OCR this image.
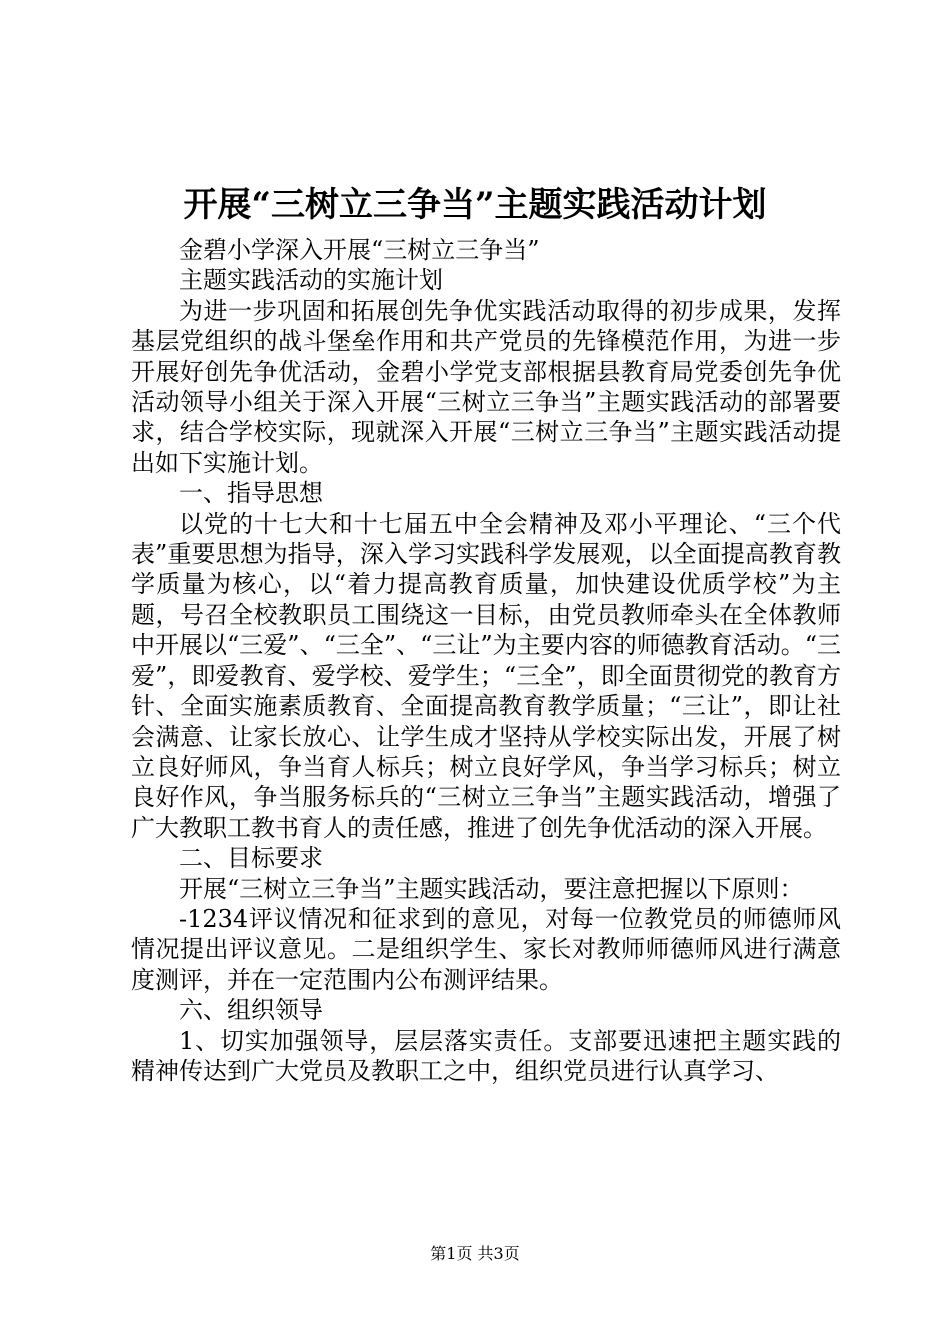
开展“三树立三争当”主题实践活动计划

金碧小学深入开展“三树立三争当”

主题实践活动的实施计划

为进一步巩固和拓展创先争优实践活动取得的初步成果，发挥基层党组织的战斗堡垒作用和共产党员的先锋模范作用，为进一步开展好创先争优活动，金碧小学党支部根据县教育局党委创先争优活动领导小组关于深入开展“三树立三争当”主题实践活动的部署要求，结合学校实际，现就深入开展“三树立三争当”主题实践活动提出如下实施计划。

一、指导思想

以党的十七大和十七届五中全会精神及邓小平理论、“三个代表”重要思想为指导，深入学习实践科学发展观，以全面提高教育教学质量为核心，以“着力提高教育质量，加快建设优质学校”为主题，号召全校教职员工围绕这一目标，由党员教师牵头在全体教师中开展以“三爱”、“三全”、“三让”为主要内容的师德教育活动。“三爱”，即爱教育、爱学校、爱学生；“三全”，即全面贯彻党的教育方针、全面实施素质教育、全面提高教育教学质量；“三让”，即让社会满意、让家长放心、让学生成才坚持从学校实际出发，开展了树立良好师风，争当育人标兵；树立良好学风，争当学习标兵；树立良好作风，争当服务标兵的“三树立三争当”主题实践活动，增强了广大教职工教书育人的责任感，推进了创先争优活动的深入开展。

二、目标要求

开展“三树立三争当”主题实践活动，要注意把握以下原则：

-1234评议情况和征求到的意见，对每一位教党员的师德师风情况提出评议意见。二是组织学生、家长对教师师德师风进行满意度测评，并在一定范围内公布测评结果。

六、组织领导

1、切实加强领导，层层落实责任。支部要迅速把主题实践的精神传达到广大党员及教职工之中，组织党员进行认真学习、

第1页 共3页
